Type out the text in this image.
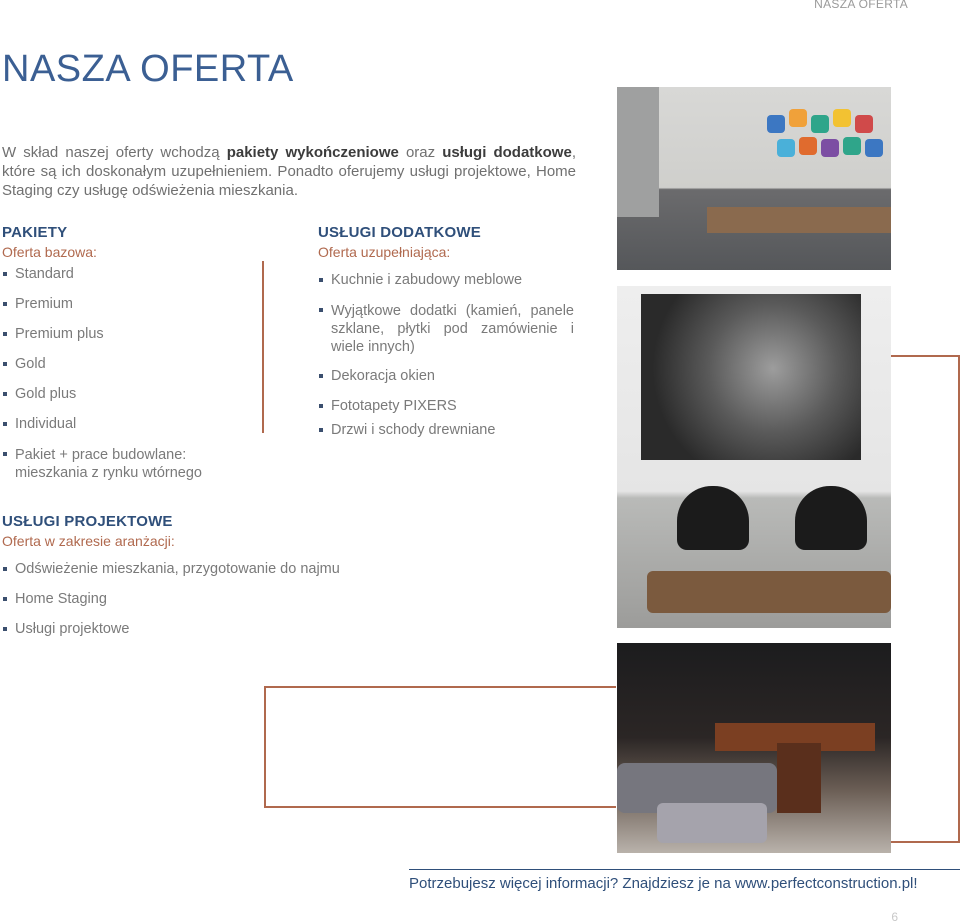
NASZA OFERTA
NASZA OFERTA
W skład naszej oferty wchodzą pakiety wykończeniowe oraz usługi dodatkowe, które są ich doskonałym uzupełnieniem. Ponadto oferujemy usługi projektowe, Home Staging czy usługę odświeżenia mieszkania.
PAKIETY
Oferta bazowa:
Standard
Premium
Premium plus
Gold
Gold plus
Individual
Pakiet + prace budowlane: mieszkania z rynku wtórnego
USŁUGI DODATKOWE
Oferta uzupełniająca:
Kuchnie i zabudowy meblowe
Wyjątkowe dodatki (kamień, panele szklane, płytki pod zamówienie i wiele innych)
Dekoracja okien
Fototapety PIXERS
Drzwi i schody drewniane
USŁUGI PROJEKTOWE
Oferta w zakresie aranżacji:
Odświeżenie mieszkania, przygotowanie do najmu
Home Staging
Usługi projektowe
Potrzebujesz więcej informacji? Znajdziesz je na www.perfectconstruction.pl!
6
